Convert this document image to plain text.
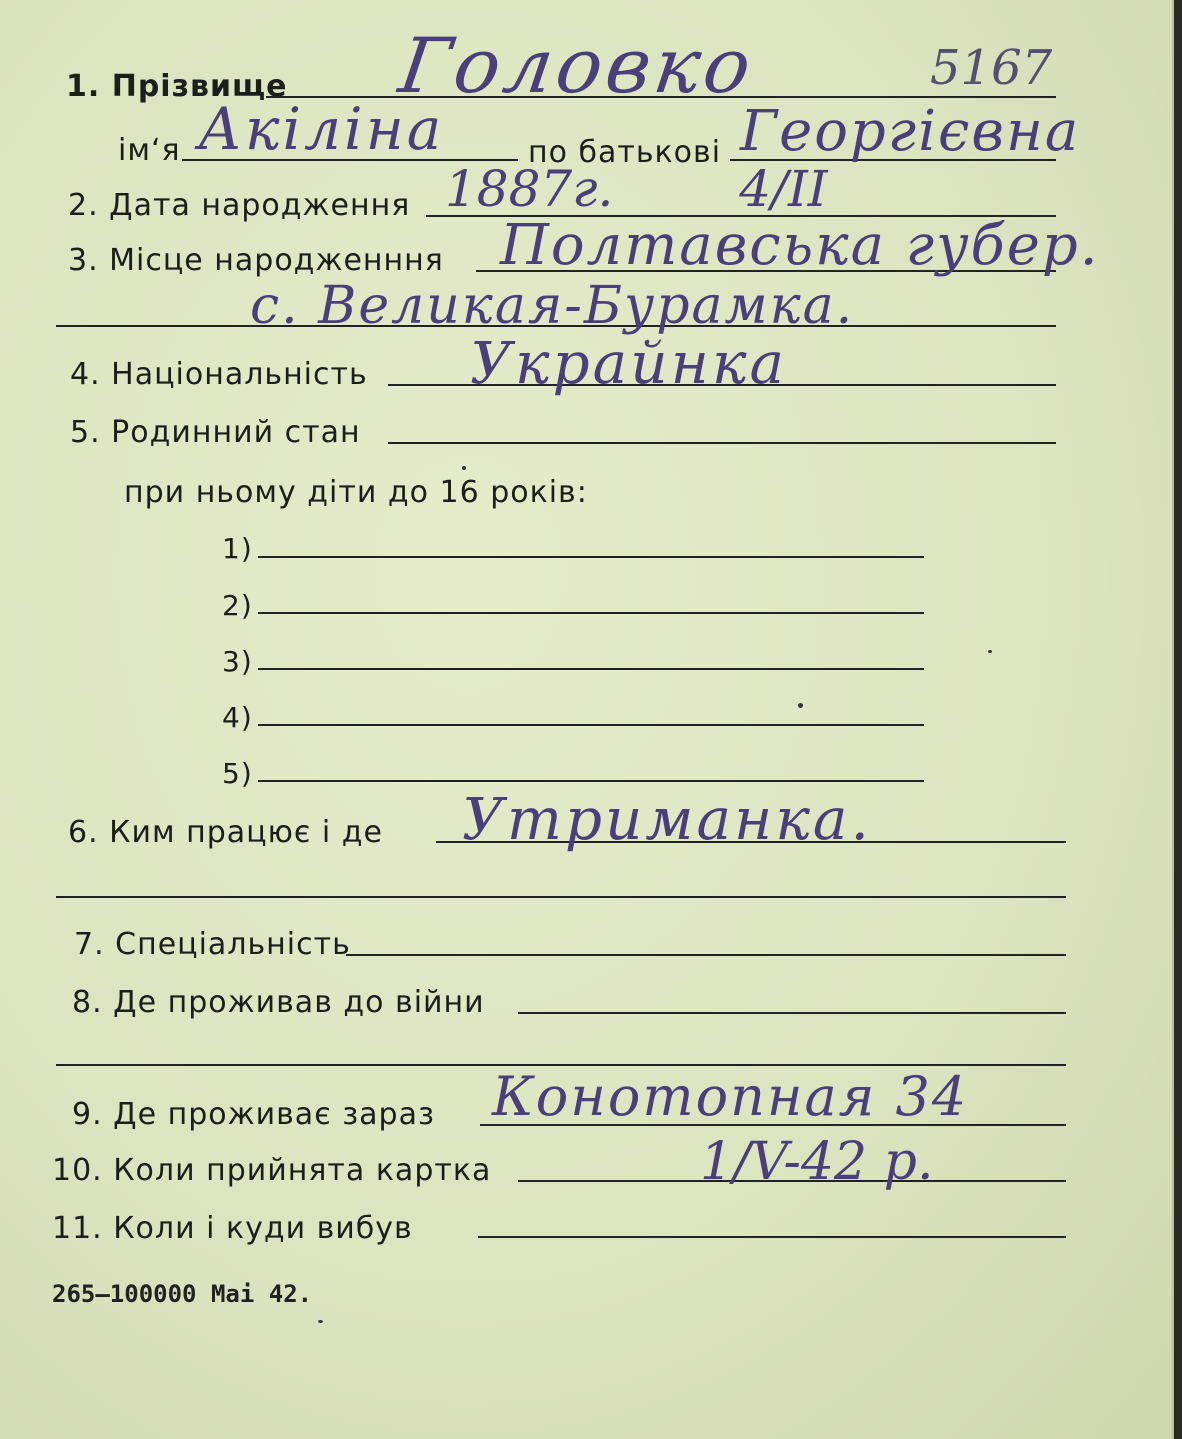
1. Прізвище Головко	5167
ім‘я Акіліна	по батькові Георгієвна
2. Дата народження 1887г. 4/II
3. Місце народженння Полтавська губер.
с. Великая-Бурамка.
4. Національність Украйнка
5. Родинний стан
при ньому діти до 16 років:
1)
2)
3)
4)
5)
6. Ким працює і де Утриманка.
7. Спеціальність
8. Де проживав до війни
9. Де проживає зараз Конотопная 34
10. Коли прийнята картка	1/V-42 р.
11. Коли і куди вибув
265—100000 Mai 42.
